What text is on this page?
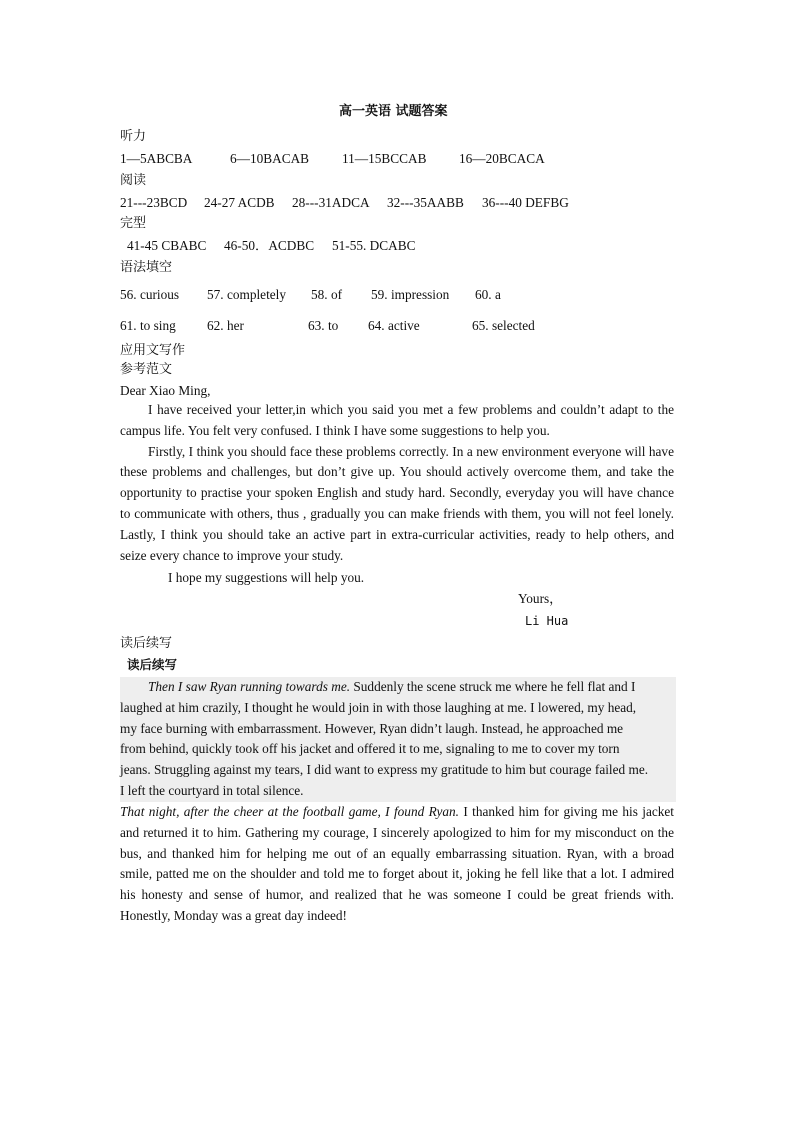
高一英语 试题答案
听力
1—5ABCBA	6—10BACAB 11—15BCCAB 16—20BCACA
阅读
21---23BCD 24-27 ACDB 28---31ADCA 32---35AABB 36---40 DEFBG
完型
41-45 CBABC 46-50．ACDBC 51-55. DCABC
语法填空
56. curious 57. completely 58. of 59. impression 60. a
61. to sing 62. her	63. to 64. active	65. selected
应用文写作
参考范文
Dear Xiao Ming,

I have received your letter,in which you said you met a few problems and couldn’t adapt to the campus life. You felt very confused. I think I have some suggestions to help you.

Firstly, I think you should face these problems correctly. In a new environment everyone will have these problems and challenges, but don’t give up. You should actively overcome them, and take the opportunity to practise your spoken English and study hard. Secondly, everyday you will have chance to communicate with others, thus , gradually you can make friends with them, you will not feel lonely. Lastly, I think you should take an active part in extra-curricular activities, ready to help others, and seize every chance to improve your study.

I hope my suggestions will help you.
Yours，
Li Hua
读后续写
读后续写
Then I saw Ryan running towards me. Suddenly the scene struck me where he fell flat and I
laughed at him crazily, I thought he would join in with those laughing at me. I lowered, my head,
my face burning with embarrassment. However, Ryan didn’t laugh. Instead, he approached me
from behind, quickly took off his jacket and offered it to me, signaling to me to cover my torn
jeans. Struggling against my tears, I did want to express my gratitude to him but courage failed me.
I left the courtyard in total silence.

That night, after the cheer at the football game, I found Ryan. I thanked him for giving me his jacket and returned it to him. Gathering my courage, I sincerely apologized to him for my misconduct on the bus, and thanked him for helping me out of an equally embarrassing situation. Ryan, with a broad smile, patted me on the shoulder and told me to forget about it, joking he fell like that a lot. I admired his honesty and sense of humor, and realized that he was someone I could be great friends with. Honestly, Monday was a great day indeed!
